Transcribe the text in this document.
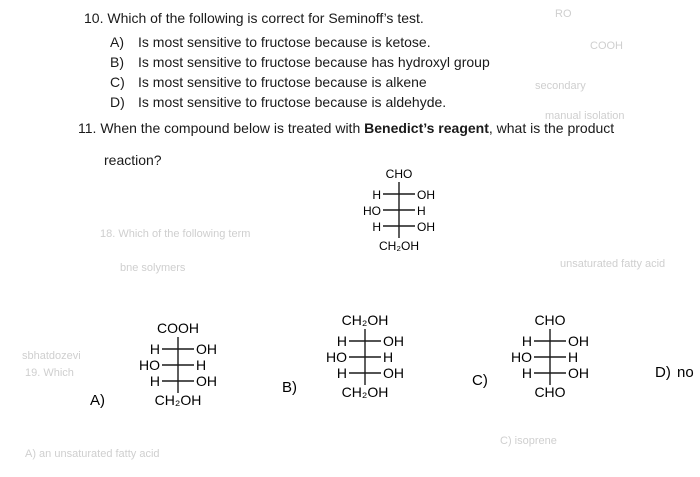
RO
COOH
secondary
manual isolation
18. Which of the following term
bne solymers	unsaturated fatty acid
sbhatdozevi
19. Which
A) an unsaturated fatty acid
C) isoprene
10. Which of the following is correct for Seminoff’s test.
A) Is most sensitive to fructose because is ketose.
B) Is most sensitive to fructose because has hydroxyl group
C) Is most sensitive to fructose because is alkene
D) Is most sensitive to fructose because is aldehyde.
11. When the compound below is treated with Benedict’s reagent, what is the product
reaction?
CHO
H	OH
HO	H
H	OH
CH₂OH
COOH
H	OH
HO	H
H	OH
CH₂OH
CH₂OH
H	OH
HO	H
H	OH
CH₂OH
CHO
H	OH
HO	H
H	OH
CHO
A)
B)	C)	D) no
